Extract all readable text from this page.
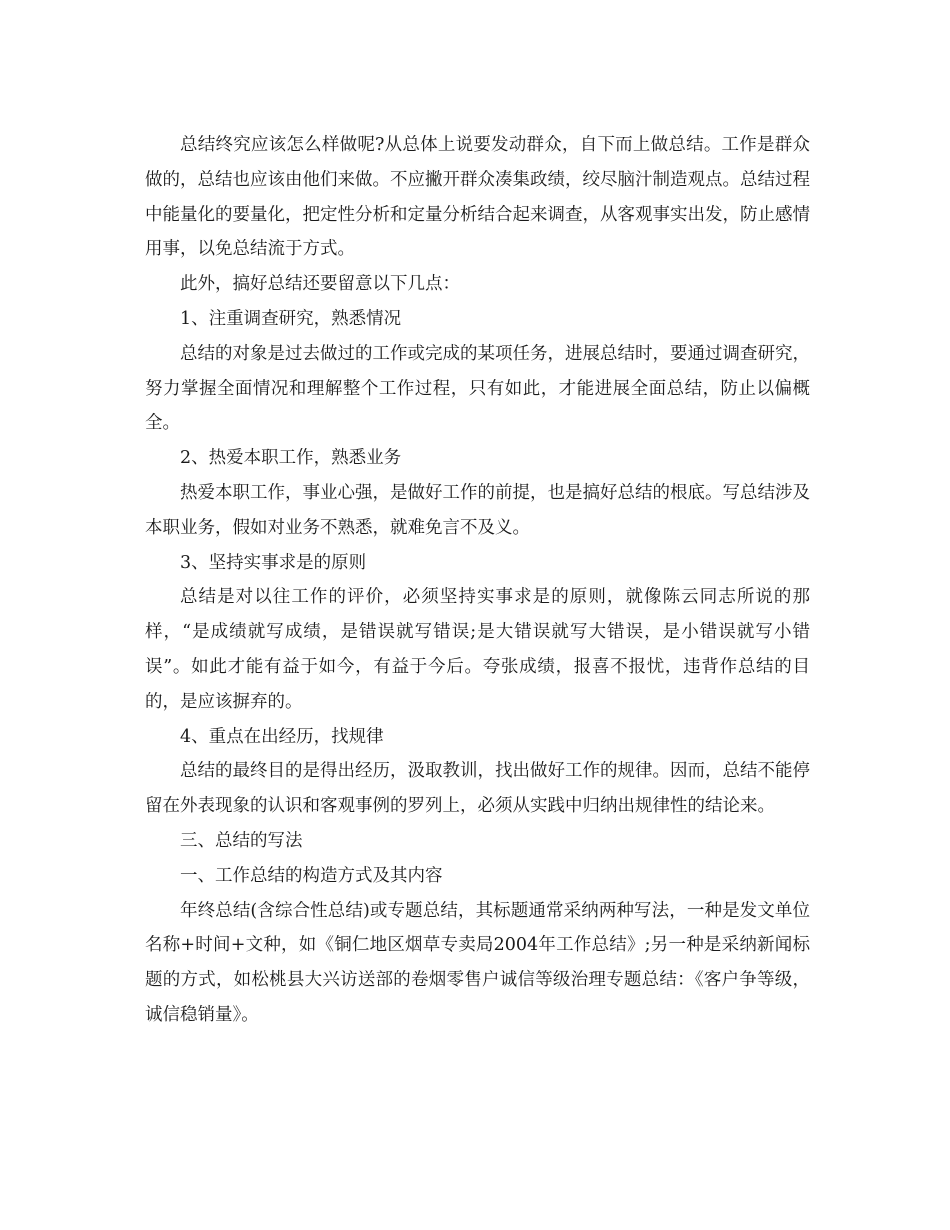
总结终究应该怎么样做呢?从总体上说要发动群众，自下而上做总结。工作是群众做的，总结也应该由他们来做。不应撇开群众凑集政绩，绞尽脑汁制造观点。总结过程中能量化的要量化，把定性分析和定量分析结合起来调查，从客观事实出发，防止感情用事，以免总结流于方式。

此外，搞好总结还要留意以下几点：

1、注重调查研究，熟悉情况

总结的对象是过去做过的工作或完成的某项任务，进展总结时，要通过调查研究，努力掌握全面情况和理解整个工作过程，只有如此，才能进展全面总结，防止以偏概全。

2、热爱本职工作，熟悉业务

热爱本职工作，事业心强，是做好工作的前提，也是搞好总结的根底。写总结涉及本职业务，假如对业务不熟悉，就难免言不及义。

3、坚持实事求是的原则

总结是对以往工作的评价，必须坚持实事求是的原则，就像陈云同志所说的那样，“是成绩就写成绩，是错误就写错误;是大错误就写大错误，是小错误就写小错误”。如此才能有益于如今，有益于今后。夸张成绩，报喜不报忧，违背作总结的目的，是应该摒弃的。

4、重点在出经历，找规律

总结的最终目的是得出经历，汲取教训，找出做好工作的规律。因而，总结不能停留在外表现象的认识和客观事例的罗列上，必须从实践中归纳出规律性的结论来。

三、总结的写法

一、工作总结的构造方式及其内容

年终总结(含综合性总结)或专题总结，其标题通常采纳两种写法，一种是发文单位名称+时间+文种，如《铜仁地区烟草专卖局2004年工作总结》;另一种是采纳新闻标题的方式，如松桃县大兴访送部的卷烟零售户诚信等级治理专题总结：《客户争等级，诚信稳销量》。
